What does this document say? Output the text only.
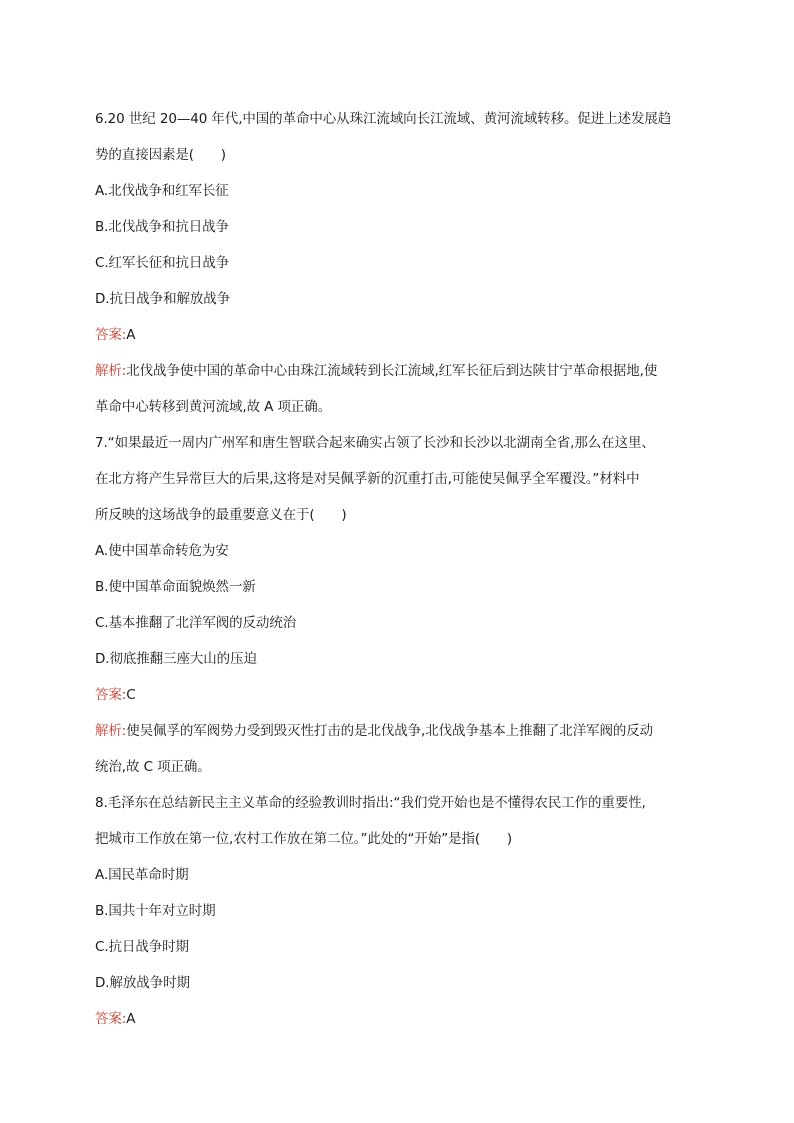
6.20 世纪 20—40 年代,中国的革命中心从珠江流域向长江流域、黄河流域转移。促进上述发展趋
势的直接因素是(　　)
A.北伐战争和红军长征
B.北伐战争和抗日战争
C.红军长征和抗日战争
D.抗日战争和解放战争
答案:A
解析:北伐战争使中国的革命中心由珠江流域转到长江流域,红军长征后到达陕甘宁革命根据地,使
革命中心转移到黄河流域,故 A 项正确。
7.“如果最近一周内广州军和唐生智联合起来确实占领了长沙和长沙以北湖南全省,那么在这里、
在北方将产生异常巨大的后果,这将是对吴佩孚新的沉重打击,可能使吴佩孚全军覆没。”材料中
所反映的这场战争的最重要意义在于(　　)
A.使中国革命转危为安
B.使中国革命面貌焕然一新
C.基本推翻了北洋军阀的反动统治
D.彻底推翻三座大山的压迫
答案:C
解析:使吴佩孚的军阀势力受到毁灭性打击的是北伐战争,北伐战争基本上推翻了北洋军阀的反动
统治,故 C 项正确。
8.毛泽东在总结新民主主义革命的经验教训时指出:“我们党开始也是不懂得农民工作的重要性,
把城市工作放在第一位,农村工作放在第二位。”此处的“开始”是指(　　)
A.国民革命时期
B.国共十年对立时期
C.抗日战争时期
D.解放战争时期
答案:A
